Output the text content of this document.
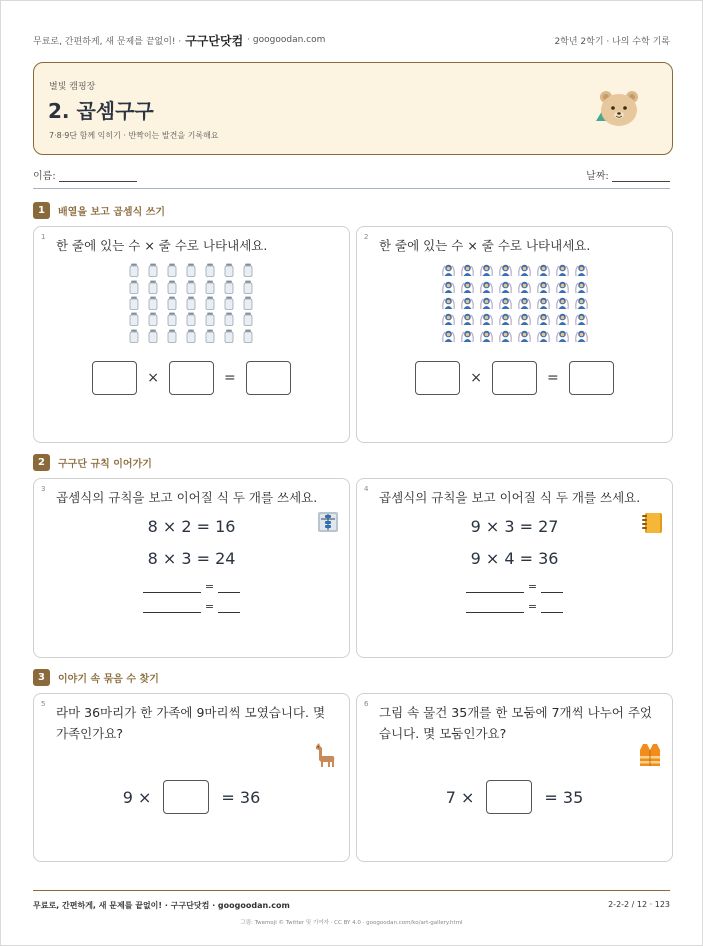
무료로, 간편하게, 새 문제를 끝없이! · 구구단닷컴 · googoodan.com	2학년 2학기 · 나의 수학 기록
별빛 캠핑장
2. 곱셈구구
7·8·9단 함께 익히기 · 반짝이는 발견을 기록해요
이름:	날짜:
1	배열을 보고 곱셈식 쓰기
1
한 줄에 있는 수 × 줄 수로 나타내세요.
×	=
2
한 줄에 있는 수 × 줄 수로 나타내세요.
×	=
2	구구단 규칙 이어가기
3
곱셈식의 규칙을 보고 이어질 식 두 개를 쓰세요.
8 × 2 = 16
8 × 3 = 24
=
=
4
곱셈식의 규칙을 보고 이어질 식 두 개를 쓰세요.
9 × 3 = 27
9 × 4 = 36
=
=
3	이야기 속 묶음 수 찾기
5
라마 36마리가 한 가족에 9마리씩 모였습니다. 몇 가족인가요?
9 ×	= 36
6
그림 속 물건 35개를 한 모둠에 7개씩 나누어 주었습니다. 몇 모둠인가요?
7 ×	= 35
무료로, 간편하게, 새 문제를 끝없이! · 구구단닷컴 · googoodan.com	2-2-2 / 12 · 123
그림: Twemoji © Twitter 및 기여자 · CC BY 4.0 · googoodan.com/ko/art-gallery.html
